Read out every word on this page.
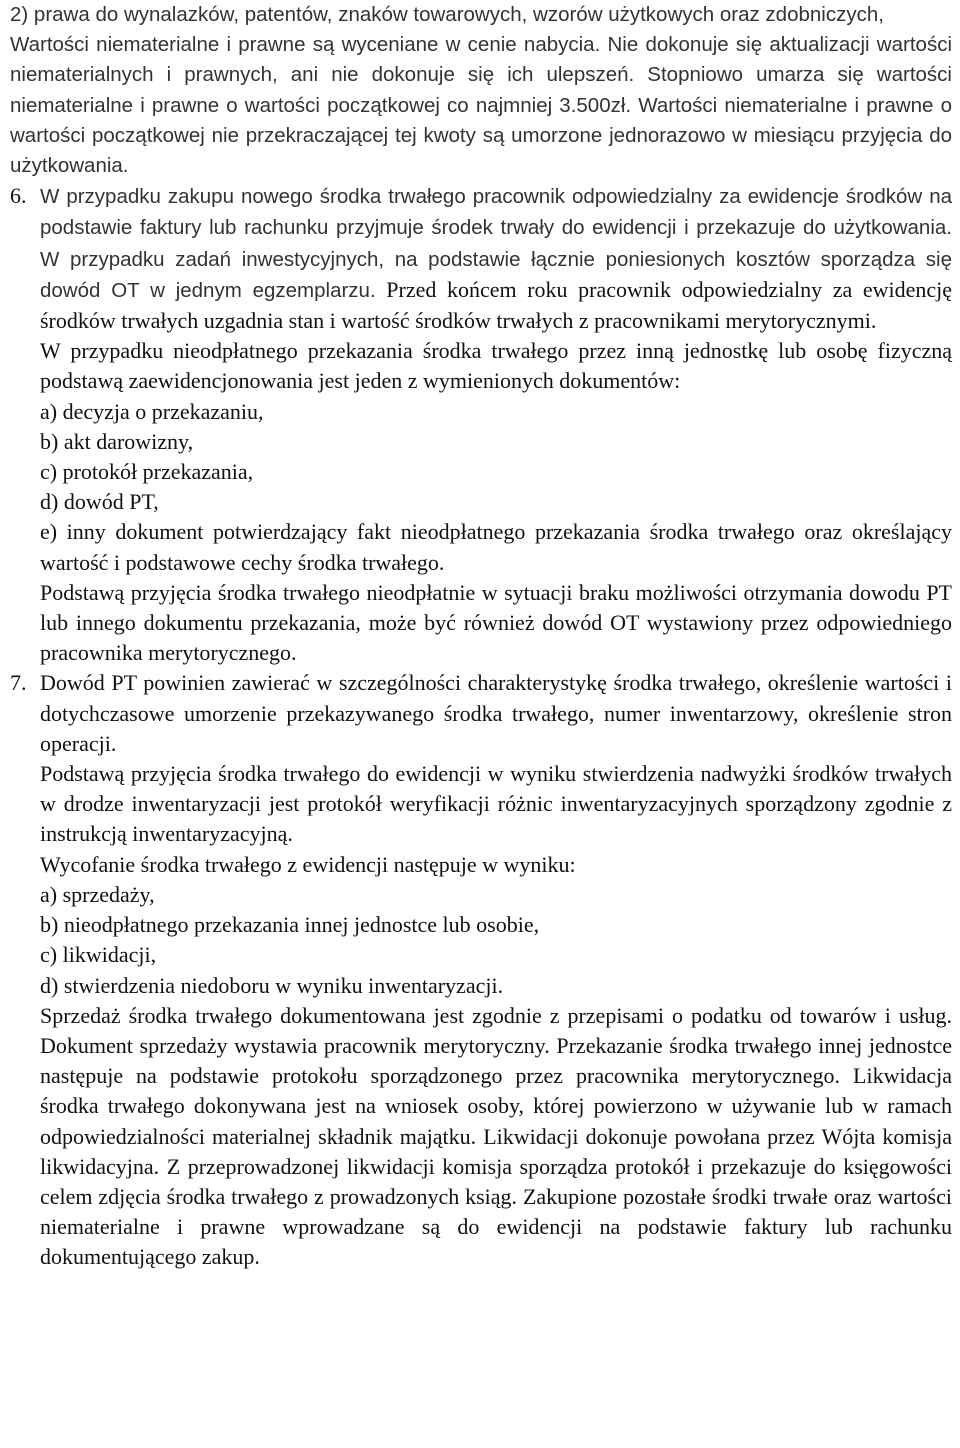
2) prawa do wynalazków, patentów, znaków towarowych, wzorów użytkowych oraz zdobniczych,

Wartości niematerialne i prawne są wyceniane w cenie nabycia. Nie dokonuje się aktualizacji wartości niematerialnych i prawnych, ani nie dokonuje się ich ulepszeń. Stopniowo umarza się wartości niematerialne i prawne o wartości początkowej co najmniej 3.500zł. Wartości niematerialne i prawne o wartości początkowej nie przekraczającej tej kwoty są umorzone jednorazowo w miesiącu przyjęcia do użytkowania.

6. W przypadku zakupu nowego środka trwałego pracownik odpowiedzialny za ewidencje środków na podstawie faktury lub rachunku przyjmuje środek trwały do ewidencji i przekazuje do użytkowania. W przypadku zadań inwestycyjnych, na podstawie łącznie poniesionych kosztów sporządza się dowód OT w jednym egzemplarzu. Przed końcem roku pracownik odpowiedzialny za ewidencję środków trwałych uzgadnia stan i wartość środków trwałych z pracownikami merytorycznymi.

W przypadku nieodpłatnego przekazania środka trwałego przez inną jednostkę lub osobę fizyczną podstawą zaewidencjonowania jest jeden z wymienionych dokumentów:

a) decyzja o przekazaniu,

b) akt darowizny,

c) protokół przekazania,

d) dowód PT,

e) inny dokument potwierdzający fakt nieodpłatnego przekazania środka trwałego oraz określający wartość i podstawowe cechy środka trwałego.

Podstawą przyjęcia środka trwałego nieodpłatnie w sytuacji braku możliwości otrzymania dowodu PT lub innego dokumentu przekazania, może być również dowód OT wystawiony przez odpowiedniego pracownika merytorycznego.

7. Dowód PT powinien zawierać w szczególności charakterystykę środka trwałego, określenie wartości i dotychczasowe umorzenie przekazywanego środka trwałego, numer inwentarzowy, określenie stron operacji.

Podstawą przyjęcia środka trwałego do ewidencji w wyniku stwierdzenia nadwyżki środków trwałych w drodze inwentaryzacji jest protokół weryfikacji różnic inwentaryzacyjnych sporządzony zgodnie z instrukcją inwentaryzacyjną.

Wycofanie środka trwałego z ewidencji następuje w wyniku:

a) sprzedaży,

b) nieodpłatnego przekazania innej jednostce lub osobie,

c) likwidacji,

d) stwierdzenia niedoboru w wyniku inwentaryzacji.

Sprzedaż środka trwałego dokumentowana jest zgodnie z przepisami o podatku od towarów i usług. Dokument sprzedaży wystawia pracownik merytoryczny. Przekazanie środka trwałego innej jednostce następuje na podstawie protokołu sporządzonego przez pracownika merytorycznego. Likwidacja środka trwałego dokonywana jest na wniosek osoby, której powierzono w używanie lub w ramach odpowiedzialności materialnej składnik majątku. Likwidacji dokonuje powołana przez Wójta komisja likwidacyjna. Z przeprowadzonej likwidacji komisja sporządza protokół i przekazuje do księgowości celem zdjęcia środka trwałego z prowadzonych ksiąg. Zakupione pozostałe środki trwałe oraz wartości niematerialne i prawne wprowadzane są do ewidencji na podstawie faktury lub rachunku dokumentującego zakup.
